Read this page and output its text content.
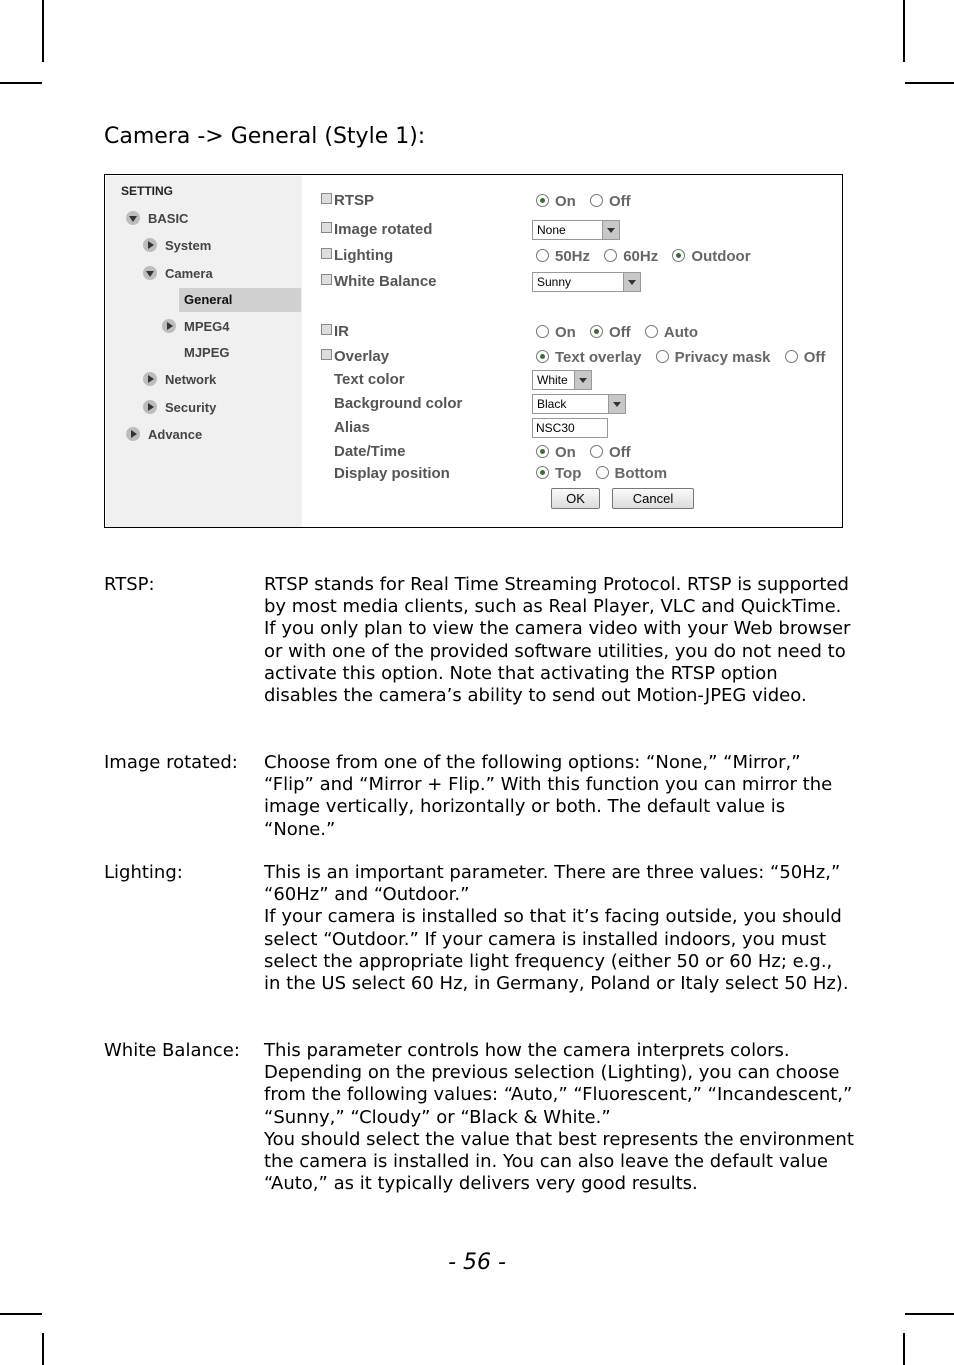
Camera -> General (Style 1):
SETTING
BASIC
System
Camera
General
MPEG4
MJPEG
Network
Security
Advance
RTSP	On Off
Image rotated	None
Lighting	50Hz 60Hz Outdoor
White Balance	Sunny
IR	On Off Auto
Overlay	Text overlay Privacy mask Off
Text color	White
Background color	Black
Alias	NSC30
Date/Time	On Off
Display position	Top Bottom
OK	Cancel
RTSP:	RTSP stands for Real Time Streaming Protocol. RTSP is supported by most media clients, such as Real Player, VLC and QuickTime. If you only plan to view the camera video with your Web browser or with one of the provided software utilities, you do not need to activate this option. Note that activating the RTSP option disables the camera’s ability to send out Motion-JPEG video.

Image rotated: Choose from one of the following options: “None,” “Mirror,” “Flip” and “Mirror + Flip.” With this function you can mirror the image vertically, horizontally or both. The default value is “None.”

Lighting:	This is an important parameter. There are three values: “50Hz,” “60Hz” and “Outdoor.”

If your camera is installed so that it’s facing outside, you should select “Outdoor.” If your camera is installed indoors, you must select the appropriate light frequency (either 50 or 60 Hz; e.g., in the US select 60 Hz, in Germany, Poland or Italy select 50 Hz).

White Balance: This parameter controls how the camera interprets colors. Depending on the previous selection (Lighting), you can choose from the following values: “Auto,” “Fluorescent,” “Incandescent,” “Sunny,” “Cloudy” or “Black & White.”

You should select the value that best represents the environment the camera is installed in. You can also leave the default value “Auto,” as it typically delivers very good results.

- 56 -
